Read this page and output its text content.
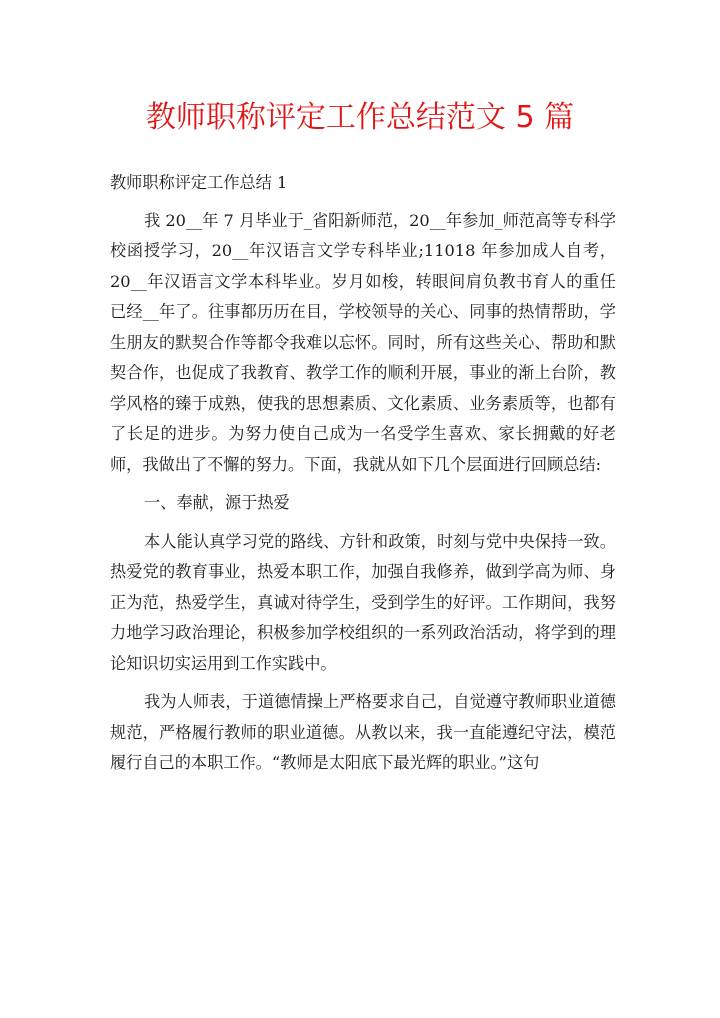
教师职称评定工作总结范文 5 篇

教师职称评定工作总结 1

我 20__年 7 月毕业于_省阳新师范，20__年参加_师范高等专科学校函授学习，20__年汉语言文学专科毕业;11018 年参加成人自考，20__年汉语言文学本科毕业。岁月如梭，转眼间肩负教书育人的重任已经__年了。往事都历历在目，学校领导的关心、同事的热情帮助，学生朋友的默契合作等都令我难以忘怀。同时，所有这些关心、帮助和默契合作，也促成了我教育、教学工作的顺利开展，事业的渐上台阶，教学风格的臻于成熟，使我的思想素质、文化素质、业务素质等，也都有了长足的进步。为努力使自己成为一名受学生喜欢、家长拥戴的好老师，我做出了不懈的努力。下面，我就从如下几个层面进行回顾总结:

一、奉献，源于热爱

本人能认真学习党的路线、方针和政策，时刻与党中央保持一致。热爱党的教育事业，热爱本职工作，加强自我修养，做到学高为师、身正为范，热爱学生，真诚对待学生，受到学生的好评。工作期间，我努力地学习政治理论，积极参加学校组织的一系列政治活动，将学到的理论知识切实运用到工作实践中。

我为人师表，于道德情操上严格要求自己，自觉遵守教师职业道德规范，严格履行教师的职业道德。从教以来，我一直能遵纪守法，模范履行自己的本职工作。“教师是太阳底下最光辉的职业。”这句
